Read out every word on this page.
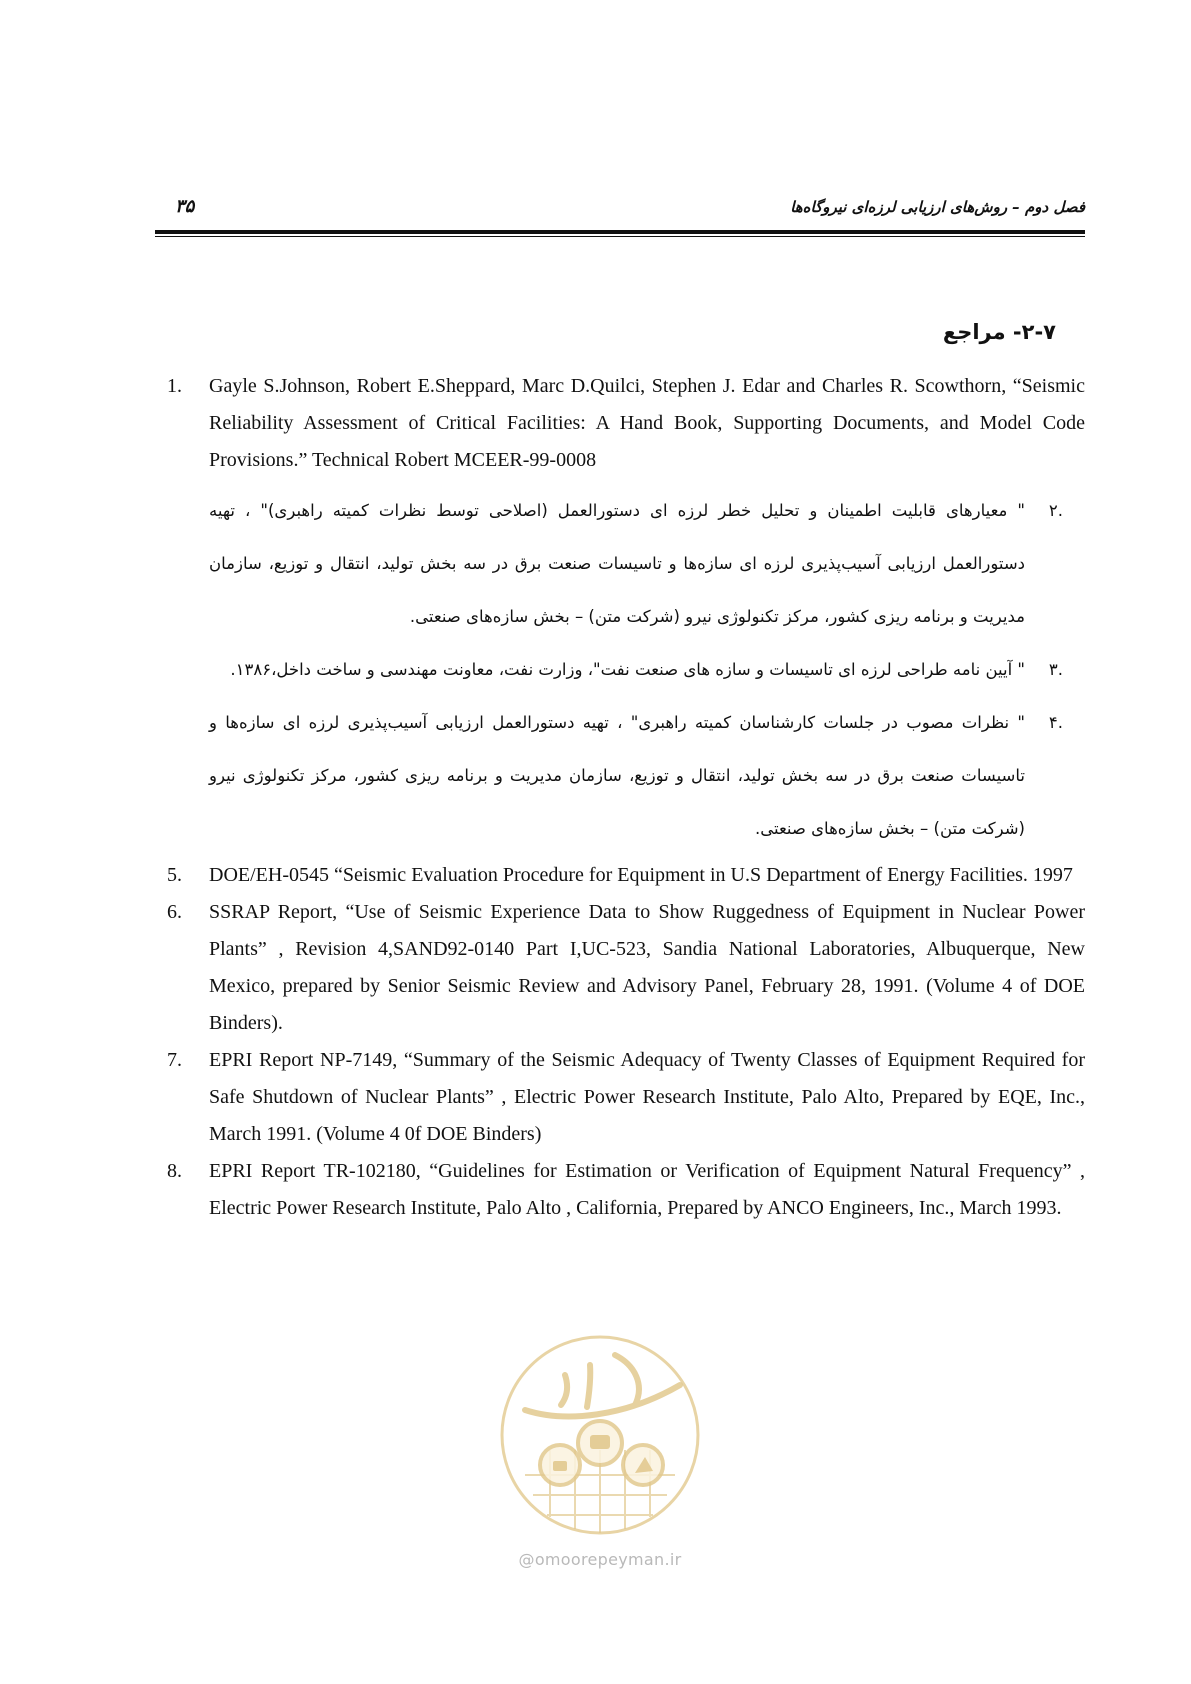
فصل دوم – روش‌های ارزیابی لرزه‌ای نیروگاه‌ها
۳۵
۲-۷- مراجع
1. Gayle S.Johnson, Robert E.Sheppard, Marc D.Quilci, Stephen J. Edar and Charles R. Scowthorn, “Seismic Reliability Assessment of Critical Facilities: A Hand Book, Supporting Documents, and Model Code Provisions.” Technical Robert MCEER-99-0008
.۲
" معیارهای قابلیت اطمینان و تحلیل خطر لرزه ای دستورالعمل (اصلاحی توسط نظرات کمیته راهبری)" ، تهیه دستورالعمل ارزیابی آسیب‌پذیری لرزه ای سازه‌ها و تاسیسات صنعت برق در سه بخش تولید، انتقال و توزیع، سازمان مدیریت و برنامه ریزی کشور، مرکز تکنولوژی نیرو (شرکت متن) – بخش سازه‌های صنعتی.
.۳
" آیین نامه طراحی لرزه ای تاسیسات و سازه های صنعت نفت"، وزارت نفت، معاونت مهندسی و ساخت داخل،۱۳۸۶.
.۴
" نظرات مصوب در جلسات کارشناسان کمیته راهبری" ، تهیه دستورالعمل ارزیابی آسیب‌پذیری لرزه ای سازه‌ها و تاسیسات صنعت برق در سه بخش تولید، انتقال و توزیع، سازمان مدیریت و برنامه ریزی کشور، مرکز تکنولوژی نیرو (شرکت متن) – بخش سازه‌های صنعتی.
5. DOE/EH-0545 “Seismic Evaluation Procedure for Equipment in U.S Department of Energy Facilities. 1997
6. SSRAP Report, “Use of Seismic Experience Data to Show Ruggedness of Equipment in Nuclear Power Plants” , Revision 4,SAND92-0140 Part I,UC-523, Sandia National Laboratories, Albuquerque, New Mexico, prepared by Senior Seismic Review and Advisory Panel, February 28, 1991. (Volume 4 of DOE Binders).
7. EPRI Report NP-7149, “Summary of the Seismic Adequacy of Twenty Classes of Equipment Required for Safe Shutdown of Nuclear Plants” , Electric Power Research Institute, Palo Alto, Prepared by EQE, Inc., March 1991. (Volume 4 0f DOE Binders)
8. EPRI Report TR-102180, “Guidelines for Estimation or Verification of Equipment Natural Frequency” , Electric Power Research Institute, Palo Alto , California, Prepared by ANCO Engineers, Inc., March 1993.
@omoorepeyman.ir
